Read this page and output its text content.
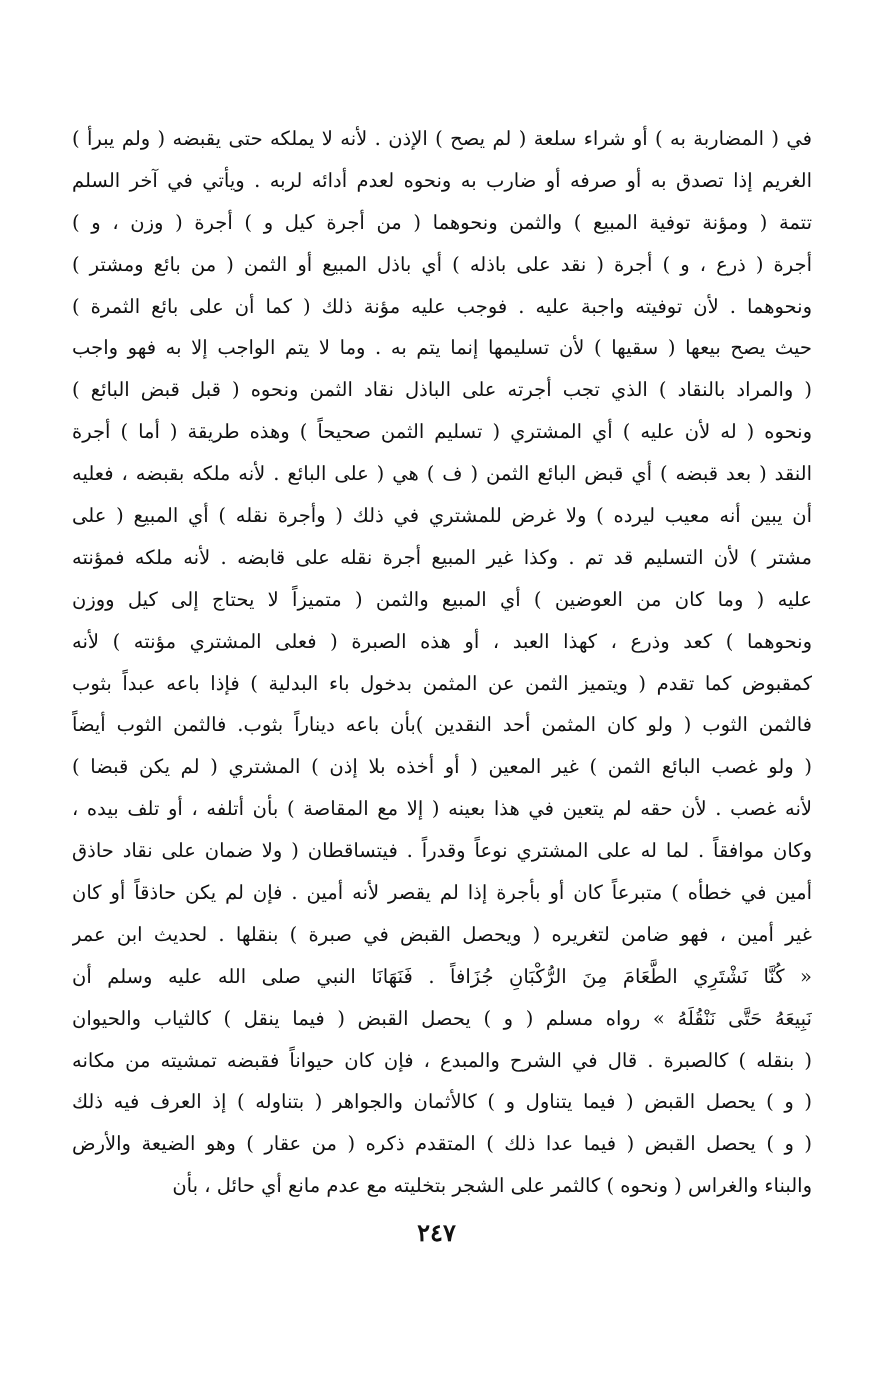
في ( المضاربة به ) أو شراء سلعة ( لم يصح ) الإذن . لأنه لا يملكه حتى يقبضه ( ولم يبرأ )
الغريم إذا تصدق به أو صرفه أو ضارب به ونحوه لعدم أدائه لربه . ويأتي في آخر السلم
تتمة ( ومؤنة توفية المبيع ) والثمن ونحوهما ( من أجرة كيل و ) أجرة ( وزن ، و )
أجرة ( ذرع ، و ) أجرة ( نقد على باذله ) أي باذل المبيع أو الثمن ( من بائع ومشتر )
ونحوهما . لأن توفيته واجبة عليه . فوجب عليه مؤنة ذلك ( كما أن على بائع الثمرة )
حيث يصح بيعها ( سقيها ) لأن تسليمها إنما يتم به . وما لا يتم الواجب إلا به فهو واجب
( والمراد بالنقاد ) الذي تجب أجرته على الباذل نقاد الثمن ونحوه ( قبل قبض البائع )
ونحوه ( له لأن عليه ) أي المشتري ( تسليم الثمن صحيحاً ) وهذه طريقة ( أما ) أجرة
النقد ( بعد قبضه ) أي قبض البائع الثمن ( ف ) هي ( على البائع . لأنه ملكه بقبضه ، فعليه
أن يبين أنه معيب ليرده ) ولا غرض للمشتري في ذلك ( وأجرة نقله ) أي المبيع ( على
مشتر ) لأن التسليم قد تم . وكذا غير المبيع أجرة نقله على قابضه . لأنه ملكه فمؤنته
عليه ( وما كان من العوضين ) أي المبيع والثمن ( متميزاً لا يحتاج إلى كيل ووزن
ونحوهما ) كعد وذرع ، كهذا العبد ، أو هذه الصبرة ( فعلى المشتري مؤنته ) لأنه
كمقبوض كما تقدم ( ويتميز الثمن عن المثمن بدخول باء البدلية ) فإذا باعه عبداً بثوب
فالثمن الثوب ( ولو كان المثمن أحد النقدين )بأن باعه ديناراً بثوب. فالثمن الثوب أيضاً
( ولو غصب البائع الثمن ) غير المعين ( أو أخذه بلا إذن ) المشتري ( لم يكن قبضا )
لأنه غصب . لأن حقه لم يتعين في هذا بعينه ( إلا مع المقاصة ) بأن أتلفه ، أو تلف بيده ،
وكان موافقاً . لما له على المشتري نوعاً وقدراً . فيتساقطان ( ولا ضمان على نقاد حاذق
أمين في خطأه ) متبرعاً كان أو بأجرة إذا لم يقصر لأنه أمين . فإن لم يكن حاذقاً أو كان
غير أمين ، فهو ضامن لتغريره ( ويحصل القبض في صبرة ) بنقلها . لحديث ابن عمر
« كُنَّا نَشْتَرِي الطَّعَامَ مِنَ الرُّكْبَانِ جُزَافاً . فَنَهَانَا النبي صلى الله عليه وسلم أن
نَبِيعَهُ حَتَّى نَنْقُلَهُ » رواه مسلم ( و ) يحصل القبض ( فيما ينقل ) كالثياب والحيوان
( بنقله ) كالصبرة . قال في الشرح والمبدع ، فإن كان حيواناً فقبضه تمشيته من مكانه
( و ) يحصل القبض ( فيما يتناول و ) كالأثمان والجواهر ( بتناوله ) إذ العرف فيه ذلك
( و ) يحصل القبض ( فيما عدا ذلك ) المتقدم ذكره ( من عقار ) وهو الضيعة والأرض
والبناء والغراس ( ونحوه ) كالثمر على الشجر بتخليته مع عدم مانع أي حائل ، بأن
٢٤٧
